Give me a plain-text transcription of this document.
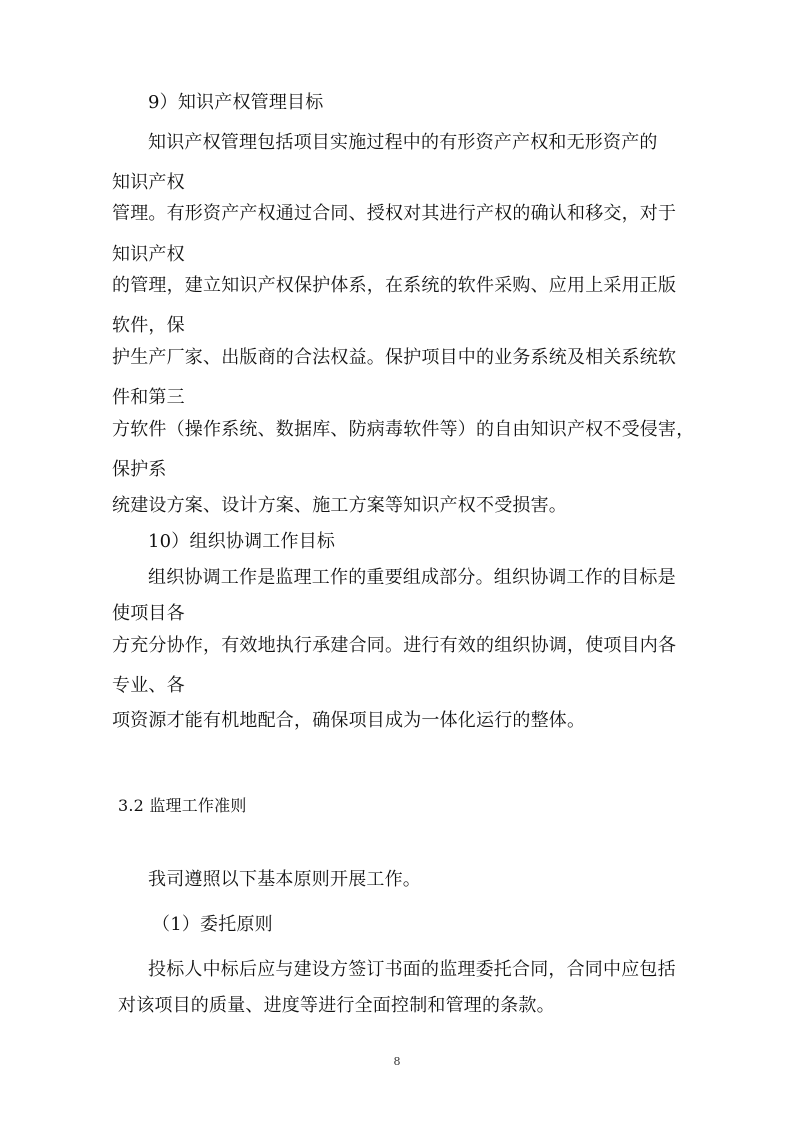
9）知识产权管理目标
知识产权管理包括项目实施过程中的有形资产产权和无形资产的
知识产权
管理。有形资产产权通过合同、授权对其进行产权的确认和移交，对于
知识产权
的管理，建立知识产权保护体系，在系统的软件采购、应用上采用正版
软件，保
护生产厂家、出版商的合法权益。保护项目中的业务系统及相关系统软
件和第三
方软件（操作系统、数据库、防病毒软件等）的自由知识产权不受侵害，
保护系
统建设方案、设计方案、施工方案等知识产权不受损害。
10）组织协调工作目标
组织协调工作是监理工作的重要组成部分。组织协调工作的目标是
使项目各
方充分协作，有效地执行承建合同。进行有效的组织协调，使项目内各
专业、各
项资源才能有机地配合，确保项目成为一体化运行的整体。
3.2 监理工作准则
我司遵照以下基本原则开展工作。
（1）委托原则
投标人中标后应与建设方签订书面的监理委托合同，合同中应包括
对该项目的质量、进度等进行全面控制和管理的条款。
8
